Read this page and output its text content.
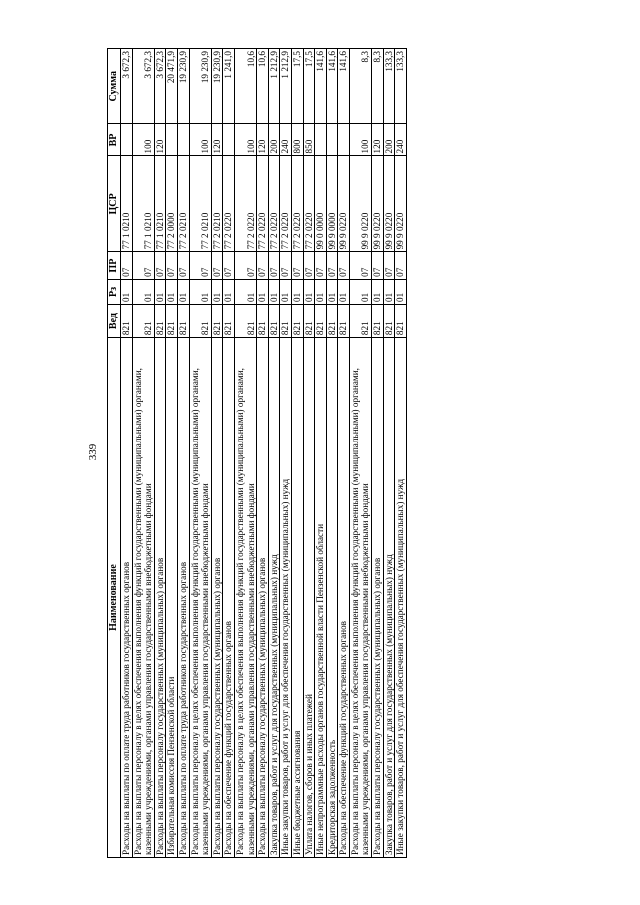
339
Наименование	Вед	Рз	ПР	ЦСР	ВР	Сумма
Расходы на выплаты по оплате труда работников государственных органов	821	01	07	77 1 0210		3 672,3
Расходы на выплаты персоналу в целях обеспечения выполнения функций государственными (муниципальными) органами, казенными учреждениями, органами управления государственными внебюджетными фондами	821	01	07	77 1 0210	100	3 672,3
Расходы на выплаты персоналу государственных (муниципальных) органов	821	01	07	77 1 0210	120	3 672,3
Избирательная комиссия Пензенской области	821	01	07	77 2 0000		20 471,9
Расходы на выплаты по оплате труда работников государственных органов	821	01	07	77 2 0210		19 230,9
Расходы на выплаты персоналу в целях обеспечения выполнения функций государственными (муниципальными) органами, казенными учреждениями, органами управления государственными внебюджетными фондами	821	01	07	77 2 0210	100	19 230,9
Расходы на выплаты персоналу государственных (муниципальных) органов	821	01	07	77 2 0210	120	19 230,9
Расходы на обеспечение функций государственных органов	821	01	07	77 2 0220		1 241,0
Расходы на выплаты персоналу в целях обеспечения выполнения функций государственными (муниципальными) органами, казенными учреждениями, органами управления государственными внебюджетными фондами	821	01	07	77 2 0220	100	10,6
Расходы на выплаты персоналу государственных (муниципальных) органов	821	01	07	77 2 0220	120	10,6
Закупка товаров, работ и услуг для государственных (муниципальных) нужд	821	01	07	77 2 0220	200	1 212,9
Иные закупки товаров, работ и услуг для обеспечения государственных (муниципальных) нужд	821	01	07	77 2 0220	240	1 212,9
Иные бюджетные ассигнования	821	01	07	77 2 0220	800	17,5
Уплата налогов, сборов и иных платежей	821	01	07	77 2 0220	850	17,5
Иные непрограммные расходы органов государственной власти Пензенской области	821	01	07	99 0 0000		141,6
Кредиторская задолженность	821	01	07	99 9 0000		141,6
Расходы на обеспечение функций государственных органов	821	01	07	99 9 0220		141,6
Расходы на выплаты персоналу в целях обеспечения выполнения функций государственными (муниципальными) органами, казенными учреждениями, органами управления государственными внебюджетными фондами	821	01	07	99 9 0220	100	8,3
Расходы на выплаты персоналу государственных (муниципальных) органов	821	01	07	99 9 0220	120	8,3
Закупка товаров, работ и услуг для государственных (муниципальных) нужд	821	01	07	99 9 0220	200	133,3
Иные закупки товаров, работ и услуг для обеспечения государственных (муниципальных) нужд	821	01	07	99 9 0220	240	133,3
